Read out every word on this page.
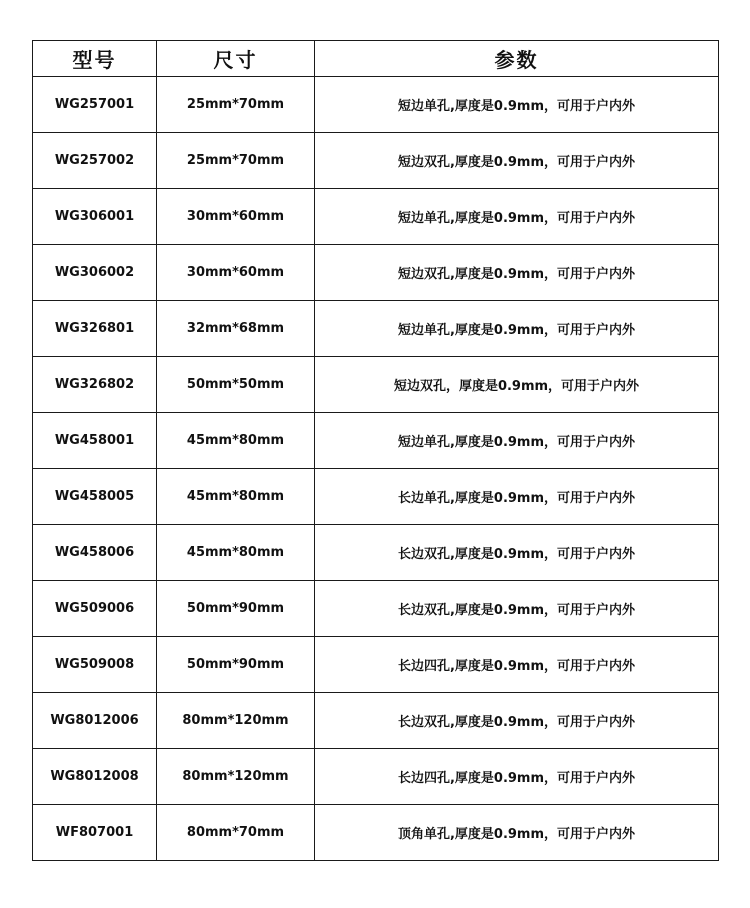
型号	尺寸	参数
WG257001	25mm*70mm	短边单孔,厚度是0.9mm，可用于户内外
WG257002	25mm*70mm	短边双孔,厚度是0.9mm，可用于户内外
WG306001	30mm*60mm	短边单孔,厚度是0.9mm，可用于户内外
WG306002	30mm*60mm	短边双孔,厚度是0.9mm，可用于户内外
WG326801	32mm*68mm	短边单孔,厚度是0.9mm，可用于户内外
WG326802	50mm*50mm	短边双孔，厚度是0.9mm，可用于户内外
WG458001	45mm*80mm	短边单孔,厚度是0.9mm，可用于户内外
WG458005	45mm*80mm	长边单孔,厚度是0.9mm，可用于户内外
WG458006	45mm*80mm	长边双孔,厚度是0.9mm，可用于户内外
WG509006	50mm*90mm	长边双孔,厚度是0.9mm，可用于户内外
WG509008	50mm*90mm	长边四孔,厚度是0.9mm，可用于户内外
WG8012006	80mm*120mm	长边双孔,厚度是0.9mm，可用于户内外
WG8012008	80mm*120mm	长边四孔,厚度是0.9mm，可用于户内外
WF807001	80mm*70mm	顶角单孔,厚度是0.9mm，可用于户内外
